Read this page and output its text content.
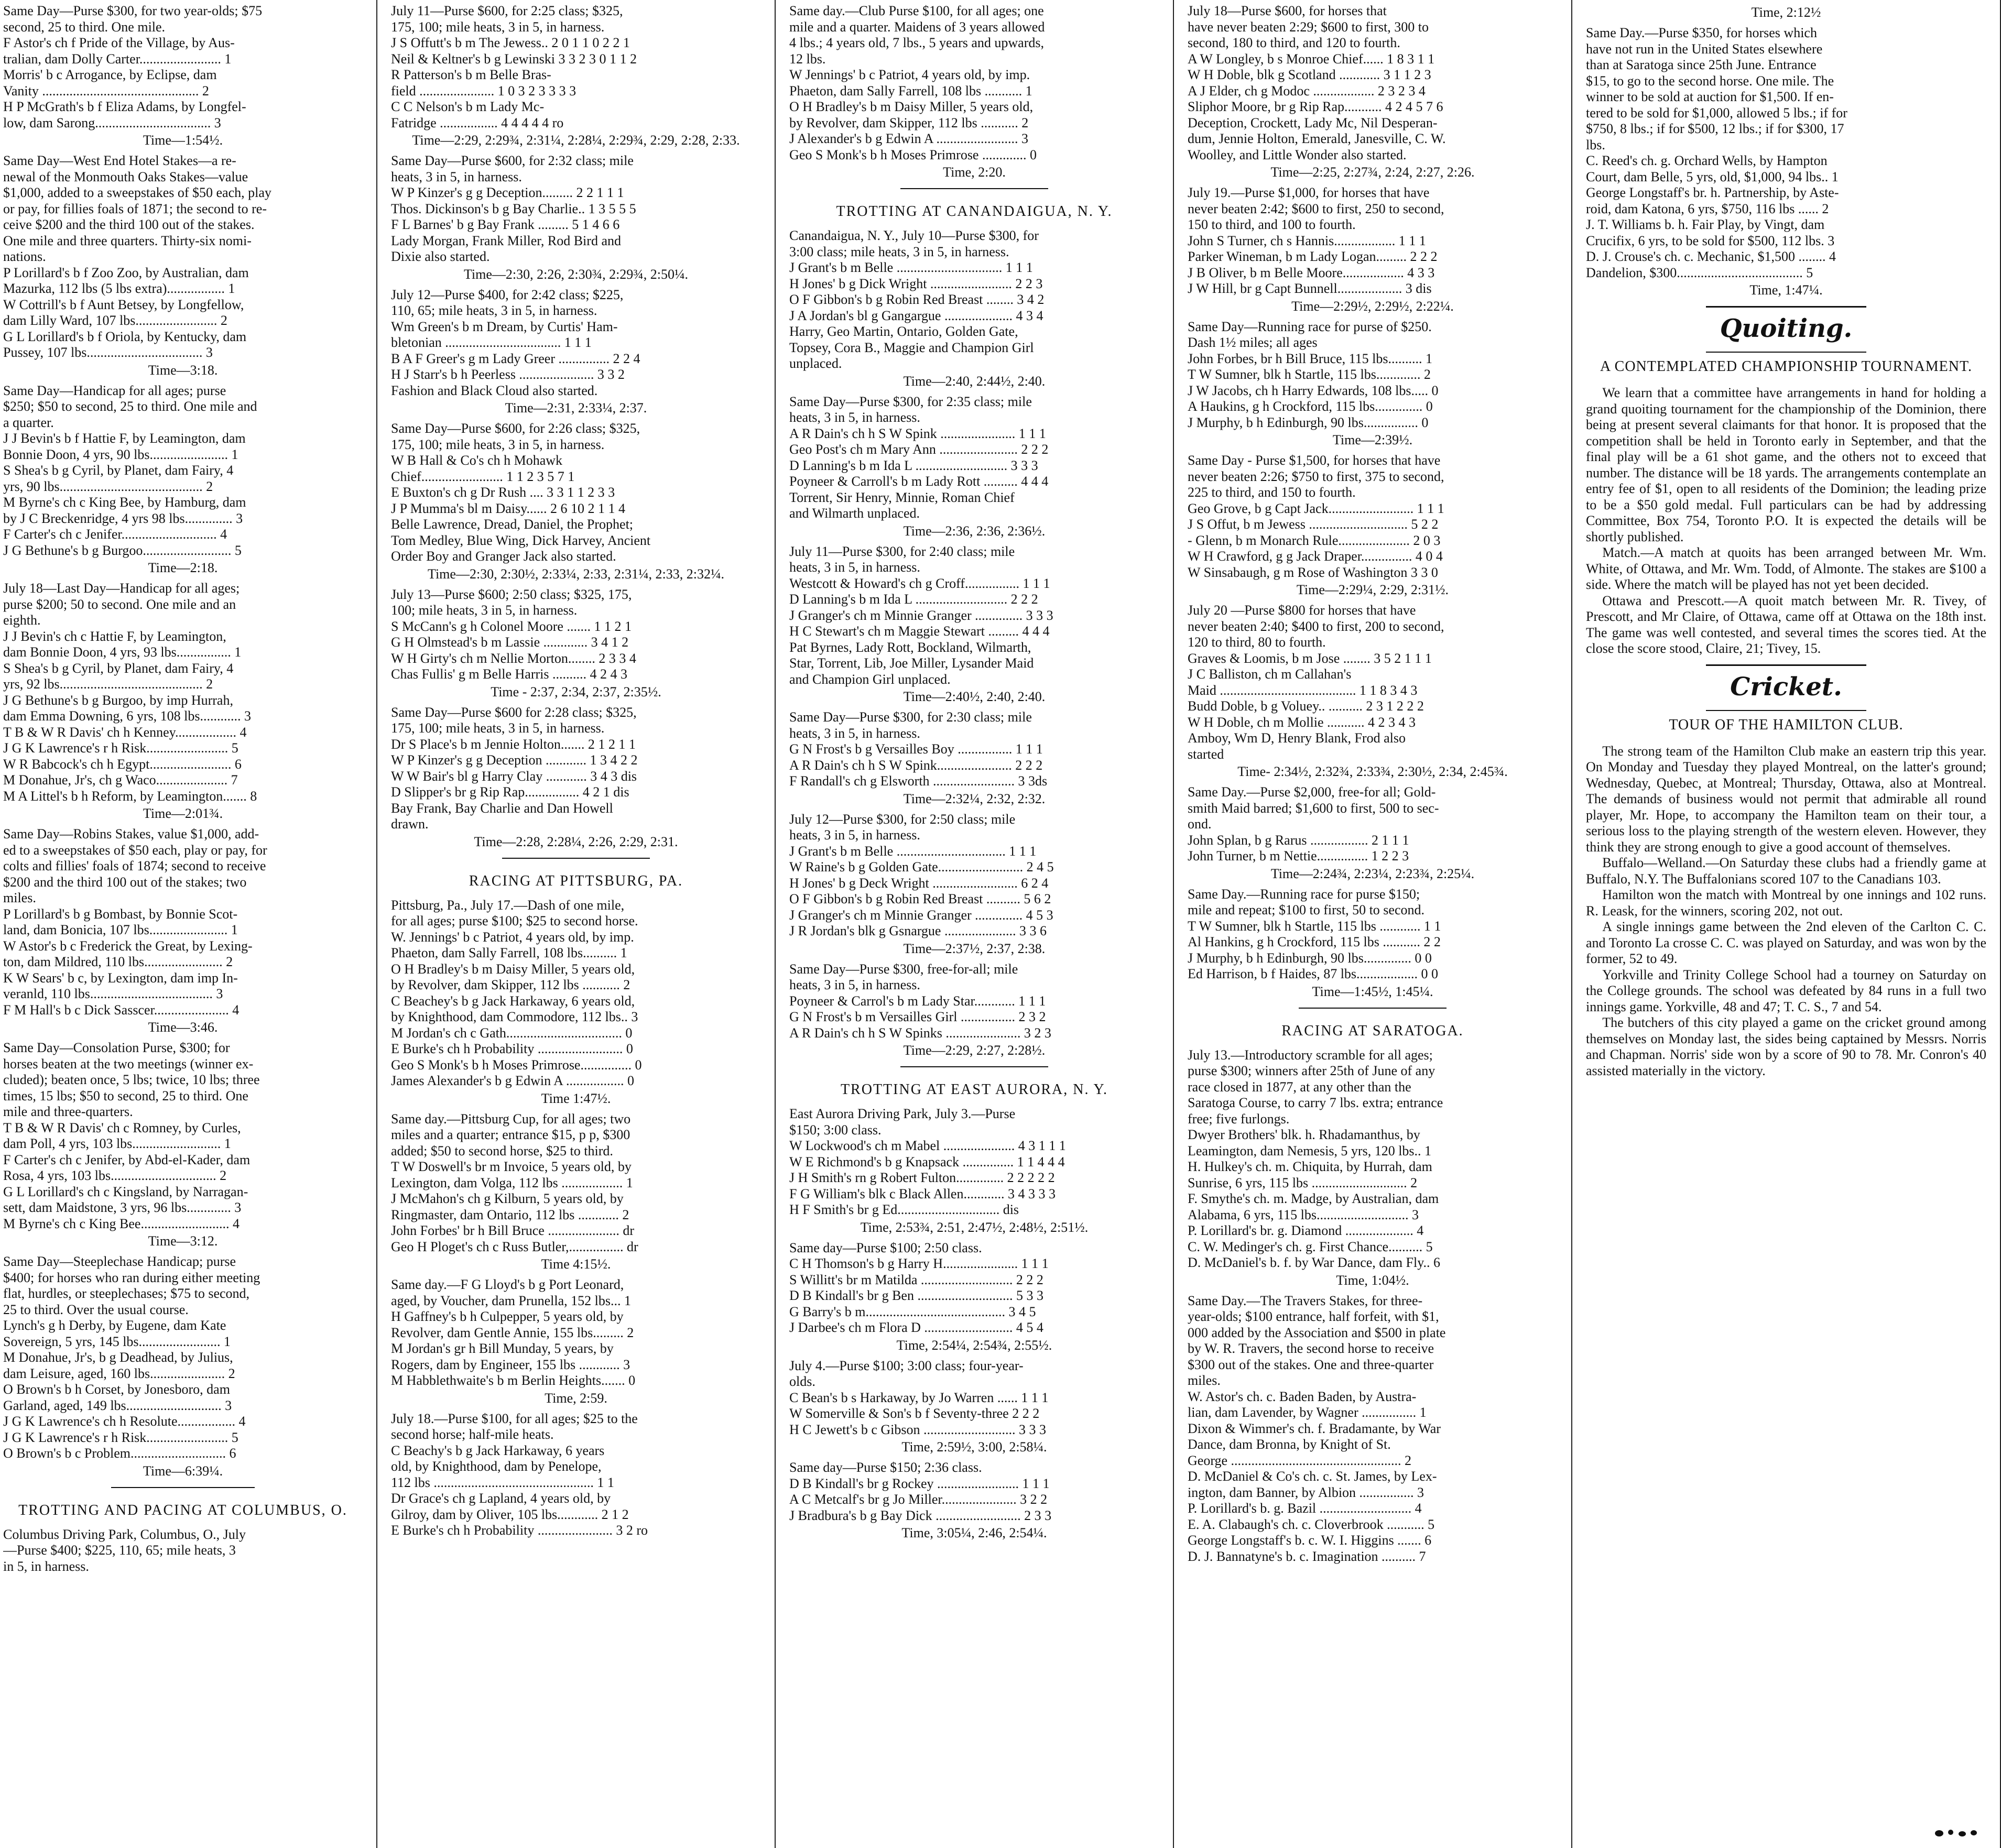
Same Day—Purse $300, for two year-olds; $75
second, 25 to third. One mile.
F Astor's ch f Pride of the Village, by Aus-
tralian, dam Dolly Carter........................ 1
Morris' b c Arrogance, by Eclipse, dam
Vanity .............................................. 2
H P McGrath's b f Eliza Adams, by Longfel-
low, dam Sarong.................................. 3
Time—1:54½.
Same Day—West End Hotel Stakes—a re-
newal of the Monmouth Oaks Stakes—value
$1,000, added to a sweepstakes of $50 each, play
or pay, for fillies foals of 1871; the second to re-
ceive $200 and the third 100 out of the stakes.
One mile and three quarters. Thirty-six nomi-
nations.
P Lorillard's b f Zoo Zoo, by Australian, dam
Mazurka, 112 lbs (5 lbs extra)................. 1
W Cottrill's b f Aunt Betsey, by Longfellow,
dam Lilly Ward, 107 lbs........................ 2
G L Lorillard's b f Oriola, by Kentucky, dam
Pussey, 107 lbs.................................. 3
Time—3:18.
Same Day—Handicap for all ages; purse
$250; $50 to second, 25 to third. One mile and
a quarter.
J J Bevin's b f Hattie F, by Leamington, dam
Bonnie Doon, 4 yrs, 90 lbs....................... 1
S Shea's b g Cyril, by Planet, dam Fairy, 4
yrs, 90 lbs.......................................... 2
M Byrne's ch c King Bee, by Hamburg, dam
by J C Breckenridge, 4 yrs 98 lbs.............. 3
F Carter's ch c Jenifer............................ 4
J G Bethune's b g Burgoo.......................... 5
Time—2:18.
July 18—Last Day—Handicap for all ages;
purse $200; 50 to second. One mile and an
eighth.
J J Bevin's ch c Hattie F, by Leamington,
dam Bonnie Doon, 4 yrs, 93 lbs................ 1
S Shea's b g Cyril, by Planet, dam Fairy, 4
yrs, 92 lbs.......................................... 2
J G Bethune's b g Burgoo, by imp Hurrah,
dam Emma Downing, 6 yrs, 108 lbs............ 3
T B & W R Davis' ch h Kenney.................. 4
J G K Lawrence's r h Risk........................ 5
W R Babcock's ch h Egypt........................ 6
M Donahue, Jr's, ch g Waco..................... 7
M A Littel's b h Reform, by Leamington....... 8
Time—2:01¾.
Same Day—Robins Stakes, value $1,000, add-
ed to a sweepstakes of $50 each, play or pay, for
colts and fillies' foals of 1874; second to receive
$200 and the third 100 out of the stakes; two
miles.
P Lorillard's b g Bombast, by Bonnie Scot-
land, dam Bonicia, 107 lbs....................... 1
W Astor's b c Frederick the Great, by Lexing-
ton, dam Mildred, 110 lbs....................... 2
K W Sears' b c, by Lexington, dam imp In-
veranld, 110 lbs.................................... 3
F M Hall's b c Dick Sasscer...................... 4
Time—3:46.
Same Day—Consolation Purse, $300; for
horses beaten at the two meetings (winner ex-
cluded); beaten once, 5 lbs; twice, 10 lbs; three
times, 15 lbs; $50 to second, 25 to third. One
mile and three-quarters.
T B & W R Davis' ch c Romney, by Curles,
dam Poll, 4 yrs, 103 lbs.......................... 1
F Carter's ch c Jenifer, by Abd-el-Kader, dam
Rosa, 4 yrs, 103 lbs............................... 2
G L Lorillard's ch c Kingsland, by Narragan-
sett, dam Maidstone, 3 yrs, 96 lbs............. 3
M Byrne's ch c King Bee.......................... 4
Time—3:12.
Same Day—Steeplechase Handicap; purse
$400; for horses who ran during either meeting
flat, hurdles, or steeplechases; $75 to second,
25 to third. Over the usual course.
Lynch's g h Derby, by Eugene, dam Kate
Sovereign, 5 yrs, 145 lbs........................ 1
M Donahue, Jr's, b g Deadhead, by Julius,
dam Leisure, aged, 160 lbs...................... 2
O Brown's b h Corset, by Jonesboro, dam
Garland, aged, 149 lbs............................ 3
J G K Lawrence's ch h Resolute................. 4
J G K Lawrence's r h Risk........................ 5
O Brown's b c Problem............................ 6
Time—6:39¼.
TROTTING AND PACING AT COLUMBUS, O.
Columbus Driving Park, Columbus, O., July
—Purse $400; $225, 110, 65; mile heats, 3
in 5, in harness.
July 11—Purse $600, for 2:25 class; $325,
175, 100; mile heats, 3 in 5, in harness.
J S Offutt's b m The Jewess.. 2 0 1 1 0 2 2 1
Neil & Keltner's b g Lewinski 3 3 2 3 0 1 1 2
R Patterson's b m Belle Bras-
field ...................... 1 0 3 2 3 3 3 3
C C Nelson's b m Lady Mc-
Fatridge ................. 4 4 4 4 4 ro
Time—2:29, 2:29¾, 2:31¼, 2:28¼, 2:29¾, 2:29, 2:28, 2:33.
Same Day—Purse $600, for 2:32 class; mile
heats, 3 in 5, in harness.
W P Kinzer's g g Deception......... 2 2 1 1 1
Thos. Dickinson's b g Bay Charlie.. 1 3 5 5 5
F L Barnes' b g Bay Frank ......... 5 1 4 6 6
Lady Morgan, Frank Miller, Rod Bird and
Dixie also started.
Time—2:30, 2:26, 2:30¾, 2:29¾, 2:50¼.
July 12—Purse $400, for 2:42 class; $225,
110, 65; mile heats, 3 in 5, in harness.
Wm Green's b m Dream, by Curtis' Ham-
bletonian .................................. 1 1 1
B A F Greer's g m Lady Greer ............... 2 2 4
H J Starr's b h Peerless ...................... 3 3 2
Fashion and Black Cloud also started.
Time—2:31, 2:33¼, 2:37.
Same Day—Purse $600, for 2:26 class; $325,
175, 100; mile heats, 3 in 5, in harness.
W B Hall & Co's ch h Mohawk
Chief........................ 1 1 2 3 5 7 1
E Buxton's ch g Dr Rush .... 3 3 1 1 2 3 3
J P Mumma's bl m Daisy...... 2 6 10 2 1 1 4
Belle Lawrence, Dread, Daniel, the Prophet;
Tom Medley, Blue Wing, Dick Harvey, Ancient
Order Boy and Granger Jack also started.
Time—2:30, 2:30½, 2:33¼, 2:33, 2:31¼, 2:33, 2:32¼.
July 13—Purse $600; 2:50 class; $325, 175,
100; mile heats, 3 in 5, in harness.
S McCann's g h Colonel Moore ....... 1 1 2 1
G H Olmstead's b m Lassie ............. 3 4 1 2
W H Girty's ch m Nellie Morton........ 2 3 3 4
Chas Fullis' g m Belle Harris .......... 4 2 4 3
Time - 2:37, 2:34, 2:37, 2:35½.
Same Day—Purse $600 for 2:28 class; $325,
175, 100; mile heats, 3 in 5, in harness.
Dr S Place's b m Jennie Holton....... 2 1 2 1 1
W P Kinzer's g g Deception ............ 1 3 4 2 2
W W Bair's bl g Harry Clay ............ 3 4 3 dis
D Slipper's br g Rip Rap................ 4 2 1 dis
Bay Frank, Bay Charlie and Dan Howell
drawn.
Time—2:28, 2:28¼, 2:26, 2:29, 2:31.
RACING AT PITTSBURG, PA.
Pittsburg, Pa., July 17.—Dash of one mile,
for all ages; purse $100; $25 to second horse.
W. Jennings' b c Patriot, 4 years old, by imp.
Phaeton, dam Sally Farrell, 108 lbs.......... 1
O H Bradley's b m Daisy Miller, 5 years old,
by Revolver, dam Skipper, 112 lbs ........... 2
C Beachey's b g Jack Harkaway, 6 years old,
by Knighthood, dam Commodore, 112 lbs.. 3
M Jordan's ch c Gath.................................. 0
E Burke's ch h Probability ......................... 0
Geo S Monk's b h Moses Primrose............... 0
James Alexander's b g Edwin A ................. 0
Time 1:47½.
Same day.—Pittsburg Cup, for all ages; two
miles and a quarter; entrance $15, p p, $300
added; $50 to second horse, $25 to third.
T W Doswell's br m Invoice, 5 years old, by
Lexington, dam Volga, 112 lbs .................. 1
J McMahon's ch g Kilburn, 5 years old, by
Ringmaster, dam Ontario, 112 lbs ............ 2
John Forbes' br h Bill Bruce ..................... dr
Geo H Ploget's ch c Russ Butler,................ dr
Time 4:15½.
Same day.—F G Lloyd's b g Port Leonard,
aged, by Voucher, dam Prunella, 152 lbs... 1
H Gaffney's b h Culpepper, 5 years old, by
Revolver, dam Gentle Annie, 155 lbs......... 2
M Jordan's gr h Bill Munday, 5 years, by
Rogers, dam by Engineer, 155 lbs ............ 3
M Habblethwaite's b m Berlin Heights....... 0
Time, 2:59.
July 18.—Purse $100, for all ages; $25 to the
second horse; half-mile heats.
C Beachy's b g Jack Harkaway, 6 years
old, by Knighthood, dam by Penelope,
112 lbs ............................................... 1 1
Dr Grace's ch g Lapland, 4 years old, by
Gilroy, dam by Oliver, 105 lbs............ 2 1 2
E Burke's ch h Probability ...................... 3 2 ro
Same day.—Club Purse $100, for all ages; one
mile and a quarter. Maidens of 3 years allowed
4 lbs.; 4 years old, 7 lbs., 5 years and upwards,
12 lbs.
W Jennings' b c Patriot, 4 years old, by imp.
Phaeton, dam Sally Farrell, 108 lbs ........... 1
O H Bradley's b m Daisy Miller, 5 years old,
by Revolver, dam Skipper, 112 lbs ........... 2
J Alexander's b g Edwin A ........................ 3
Geo S Monk's b h Moses Primrose ............. 0
Time, 2:20.
TROTTING AT CANANDAIGUA, N. Y.
Canandaigua, N. Y., July 10—Purse $300, for
3:00 class; mile heats, 3 in 5, in harness.
J Grant's b m Belle ............................... 1 1 1
H Jones' b g Dick Wright ........................ 2 2 3
O F Gibbon's b g Robin Red Breast ........ 3 4 2
J A Jordan's bl g Gangargue .................... 4 3 4
Harry, Geo Martin, Ontario, Golden Gate,
Topsey, Cora B., Maggie and Champion Girl
unplaced.
Time—2:40, 2:44½, 2:40.
Same Day—Purse $300, for 2:35 class; mile
heats, 3 in 5, in harness.
A R Dain's ch h S W Spink ...................... 1 1 1
Geo Post's ch m Mary Ann ....................... 2 2 2
D Lanning's b m Ida L ........................... 3 3 3
Poyneer & Carroll's b m Lady Rott .......... 4 4 4
Torrent, Sir Henry, Minnie, Roman Chief
and Wilmarth unplaced.
Time—2:36, 2:36, 2:36½.
July 11—Purse $300, for 2:40 class; mile
heats, 3 in 5, in harness.
Westcott & Howard's ch g Croff................ 1 1 1
D Lanning's b m Ida L ........................... 2 2 2
J Granger's ch m Minnie Granger .............. 3 3 3
H C Stewart's ch m Maggie Stewart ......... 4 4 4
Pat Byrnes, Lady Rott, Bockland, Wilmarth,
Star, Torrent, Lib, Joe Miller, Lysander Maid
and Champion Girl unplaced.
Time—2:40½, 2:40, 2:40.
Same Day—Purse $300, for 2:30 class; mile
heats, 3 in 5, in harness.
G N Frost's b g Versailles Boy ................ 1 1 1
A R Dain's ch h S W Spink...................... 2 2 2
F Randall's ch g Elsworth ........................ 3 3ds
Time—2:32¼, 2:32, 2:32.
July 12—Purse $300, for 2:50 class; mile
heats, 3 in 5, in harness.
J Grant's b m Belle ................................ 1 1 1
W Raine's b g Golden Gate......................... 2 4 5
H Jones' b g Deck Wright ......................... 6 2 4
O F Gibbon's b g Robin Red Breast .......... 5 6 2
J Granger's ch m Minnie Granger .............. 4 5 3
J R Jordan's blk g Gsnargue ..................... 3 3 6
Time—2:37½, 2:37, 2:38.
Same Day—Purse $300, free-for-all; mile
heats, 3 in 5, in harness.
Poyneer & Carrol's b m Lady Star............ 1 1 1
G N Frost's b m Versailles Girl ................ 2 3 2
A R Dain's ch h S W Spinks ...................... 3 2 3
Time—2:29, 2:27, 2:28½.
TROTTING AT EAST AURORA, N. Y.
East Aurora Driving Park, July 3.—Purse
$150; 3:00 class.
W Lockwood's ch m Mabel ..................... 4 3 1 1 1
W E Richmond's b g Knapsack ............... 1 1 4 4 4
J H Smith's rn g Robert Fulton.............. 2 2 2 2 2
F G William's blk c Black Allen............ 3 4 3 3 3
H F Smith's br g Ed.............................. dis
Time, 2:53¾, 2:51, 2:47½, 2:48½, 2:51½.
Same day—Purse $100; 2:50 class.
C H Thomson's b g Harry H...................... 1 1 1
S Willitt's br m Matilda ........................... 2 2 2
D B Kindall's br g Ben ............................ 5 3 3
G Barry's b m......................................... 3 4 5
J Darbee's ch m Flora D .......................... 4 5 4
Time, 2:54¼, 2:54¾, 2:55½.
July 4.—Purse $100; 3:00 class; four-year-
olds.
C Bean's b s Harkaway, by Jo Warren ...... 1 1 1
W Somerville & Son's b f Seventy-three 2 2 2
H C Jewett's b c Gibson ........................... 3 3 3
Time, 2:59½, 3:00, 2:58¼.
Same day—Purse $150; 2:36 class.
D B Kindall's br g Rockey ........................ 1 1 1
A C Metcalf's br g Jo Miller...................... 3 2 2
J Bradbura's b g Bay Dick ......................... 2 3 3
Time, 3:05¼, 2:46, 2:54¼.
July 18—Purse $600, for horses that
have never beaten 2:29; $600 to first, 300 to
second, 180 to third, and 120 to fourth.
A W Longley, b s Monroe Chief...... 1 8 3 1 1
W H Doble, blk g Scotland ............ 3 1 1 2 3
A J Elder, ch g Modoc .................. 2 3 2 3 4
Sliphor Moore, br g Rip Rap........... 4 2 4 5 7 6
Deception, Crockett, Lady Mc, Nil Desperan-
dum, Jennie Holton, Emerald, Janesville, C. W.
Woolley, and Little Wonder also started.
Time—2:25, 2:27¾, 2:24, 2:27, 2:26.
July 19.—Purse $1,000, for horses that have
never beaten 2:42; $600 to first, 250 to second,
150 to third, and 100 to fourth.
John S Turner, ch s Hannis.................. 1 1 1
Parker Wineman, b m Lady Logan......... 2 2 2
J B Oliver, b m Belle Moore.................. 4 3 3
J W Hill, br g Capt Bunnell................... 3 dis
Time—2:29½, 2:29½, 2:22¼.
Same Day—Running race for purse of $250.
Dash 1½ miles; all ages
John Forbes, br h Bill Bruce, 115 lbs.......... 1
T W Sumner, blk h Startle, 115 lbs............. 2
J W Jacobs, ch h Harry Edwards, 108 lbs..... 0
A Haukins, g h Crockford, 115 lbs.............. 0
J Murphy, b h Edinburgh, 90 lbs................ 0
Time—2:39½.
Same Day - Purse $1,500, for horses that have
never beaten 2:26; $750 to first, 375 to second,
225 to third, and 150 to fourth.
Geo Grove, b g Capt Jack......................... 1 1 1
J S Offut, b m Jewess ............................. 5 2 2
- Glenn, b m Monarch Rule..................... 2 0 3
W H Crawford, g g Jack Draper............... 4 0 4
W Sinsabaugh, g m Rose of Washington 3 3 0
Time—2:29¼, 2:29, 2:31½.
July 20 —Purse $800 for horses that have
never beaten 2:40; $400 to first, 200 to second,
120 to third, 80 to fourth.
Graves & Loomis, b m Jose ........ 3 5 2 1 1 1
J C Balliston, ch m Callahan's
Maid ........................................ 1 1 8 3 4 3
Budd Doble, b g Voluey.. .......... 2 3 1 2 2 2
W H Doble, ch m Mollie ........... 4 2 3 4 3
Amboy, Wm D, Henry Blank, Frod also
started
Time- 2:34½, 2:32¾, 2:33¾, 2:30½, 2:34, 2:45¾.
Same Day.—Purse $2,000, free-for all; Gold-
smith Maid barred; $1,600 to first, 500 to sec-
ond.
John Splan, b g Rarus ................. 2 1 1 1
John Turner, b m Nettie............... 1 2 2 3
Time—2:24¾, 2:23¼, 2:23¾, 2:25¼.
Same Day.—Running race for purse $150;
mile and repeat; $100 to first, 50 to second.
T W Sumner, blk h Startle, 115 lbs ............ 1 1
Al Hankins, g h Crockford, 115 lbs ........... 2 2
J Murphy, b h Edinburgh, 90 lbs.............. 0 0
Ed Harrison, b f Haides, 87 lbs.................. 0 0
Time—1:45½, 1:45¼.
RACING AT SARATOGA.
July 13.—Introductory scramble for all ages;
purse $300; winners after 25th of June of any
race closed in 1877, at any other than the
Saratoga Course, to carry 7 lbs. extra; entrance
free; five furlongs.
Dwyer Brothers' blk. h. Rhadamanthus, by
Leamington, dam Nemesis, 5 yrs, 120 lbs.. 1
H. Hulkey's ch. m. Chiquita, by Hurrah, dam
Sunrise, 6 yrs, 115 lbs ............................ 2
F. Smythe's ch. m. Madge, by Australian, dam
Alabama, 6 yrs, 115 lbs........................... 3
P. Lorillard's br. g. Diamond .................... 4
C. W. Medinger's ch. g. First Chance.......... 5
D. McDaniel's b. f. by War Dance, dam Fly.. 6
Time, 1:04½.
Same Day.—The Travers Stakes, for three-
year-olds; $100 entrance, half forfeit, with $1,
000 added by the Association and $500 in plate
by W. R. Travers, the second horse to receive
$300 out of the stakes. One and three-quarter
miles.
W. Astor's ch. c. Baden Baden, by Austra-
lian, dam Lavender, by Wagner ................ 1
Dixon & Wimmer's ch. f. Bradamante, by War
Dance, dam Bronna, by Knight of St.
George .................................................. 2
D. McDaniel & Co's ch. c. St. James, by Lex-
ington, dam Banner, by Albion ................ 3
P. Lorillard's b. g. Bazil ........................... 4
E. A. Clabaugh's ch. c. Cloverbrook ........... 5
George Longstaff's b. c. W. I. Higgins ....... 6
D. J. Bannatyne's b. c. Imagination .......... 7
Time, 2:12½
Same Day.—Purse $350, for horses which
have not run in the United States elsewhere
than at Saratoga since 25th June. Entrance
$15, to go to the second horse. One mile. The
winner to be sold at auction for $1,500. If en-
tered to be sold for $1,000, allowed 5 lbs.; if for
$750, 8 lbs.; if for $500, 12 lbs.; if for $300, 17
lbs.
C. Reed's ch. g. Orchard Wells, by Hampton
Court, dam Belle, 5 yrs, old, $1,000, 94 lbs.. 1
George Longstaff's br. h. Partnership, by Aste-
roid, dam Katona, 6 yrs, $750, 116 lbs ...... 2
J. T. Williams b. h. Fair Play, by Vingt, dam
Crucifix, 6 yrs, to be sold for $500, 112 lbs. 3
D. J. Crouse's ch. c. Mechanic, $1,500 ........ 4
Dandelion, $300..................................... 5
Time, 1:47¼.
Quoiting.
A CONTEMPLATED CHAMPIONSHIP TOURNAMENT.

We learn that a committee have arrangements in hand for holding a grand quoiting tournament for the championship of the Dominion, there being at present several claimants for that honor. It is proposed that the competition shall be held in Toronto early in September, and that the final play will be a 61 shot game, and the others not to exceed that number. The distance will be 18 yards. The arrangements contemplate an entry fee of $1, open to all residents of the Dominion; the leading prize to be a $50 gold medal. Full particulars can be had by addressing Committee, Box 754, Toronto P.O. It is expected the details will be shortly published.

Match.—A match at quoits has been arranged between Mr. Wm. White, of Ottawa, and Mr. Wm. Todd, of Almonte. The stakes are $100 a side. Where the match will be played has not yet been decided.

Ottawa and Prescott.—A quoit match between Mr. R. Tivey, of Prescott, and Mr Claire, of Ottawa, came off at Ottawa on the 18th inst. The game was well contested, and several times the scores tied. At the close the score stood, Claire, 21; Tivey, 15.

Cricket.
TOUR OF THE HAMILTON CLUB.

The strong team of the Hamilton Club make an eastern trip this year. On Monday and Tuesday they played Montreal, on the latter's ground; Wednesday, Quebec, at Montreal; Thursday, Ottawa, also at Montreal. The demands of business would not permit that admirable all round player, Mr. Hope, to accompany the Hamilton team on their tour, a serious loss to the playing strength of the western eleven. However, they think they are strong enough to give a good account of themselves.

Buffalo—Welland.—On Saturday these clubs had a friendly game at Buffalo, N.Y. The Buffalonians scored 107 to the Canadians 103.

Hamilton won the match with Montreal by one innings and 102 runs. R. Leask, for the winners, scoring 202, not out.

A single innings game between the 2nd eleven of the Carlton C. C. and Toronto La crosse C. C. was played on Saturday, and was won by the former, 52 to 49.

Yorkville and Trinity College School had a tourney on Saturday on the College grounds. The school was defeated by 84 runs in a full two innings game. Yorkville, 48 and 47; T. C. S., 7 and 54.

The butchers of this city played a game on the cricket ground among themselves on Monday last, the sides being captained by Messrs. Norris and Chapman. Norris' side won by a score of 90 to 78. Mr. Conron's 40 assisted materially in the victory.
